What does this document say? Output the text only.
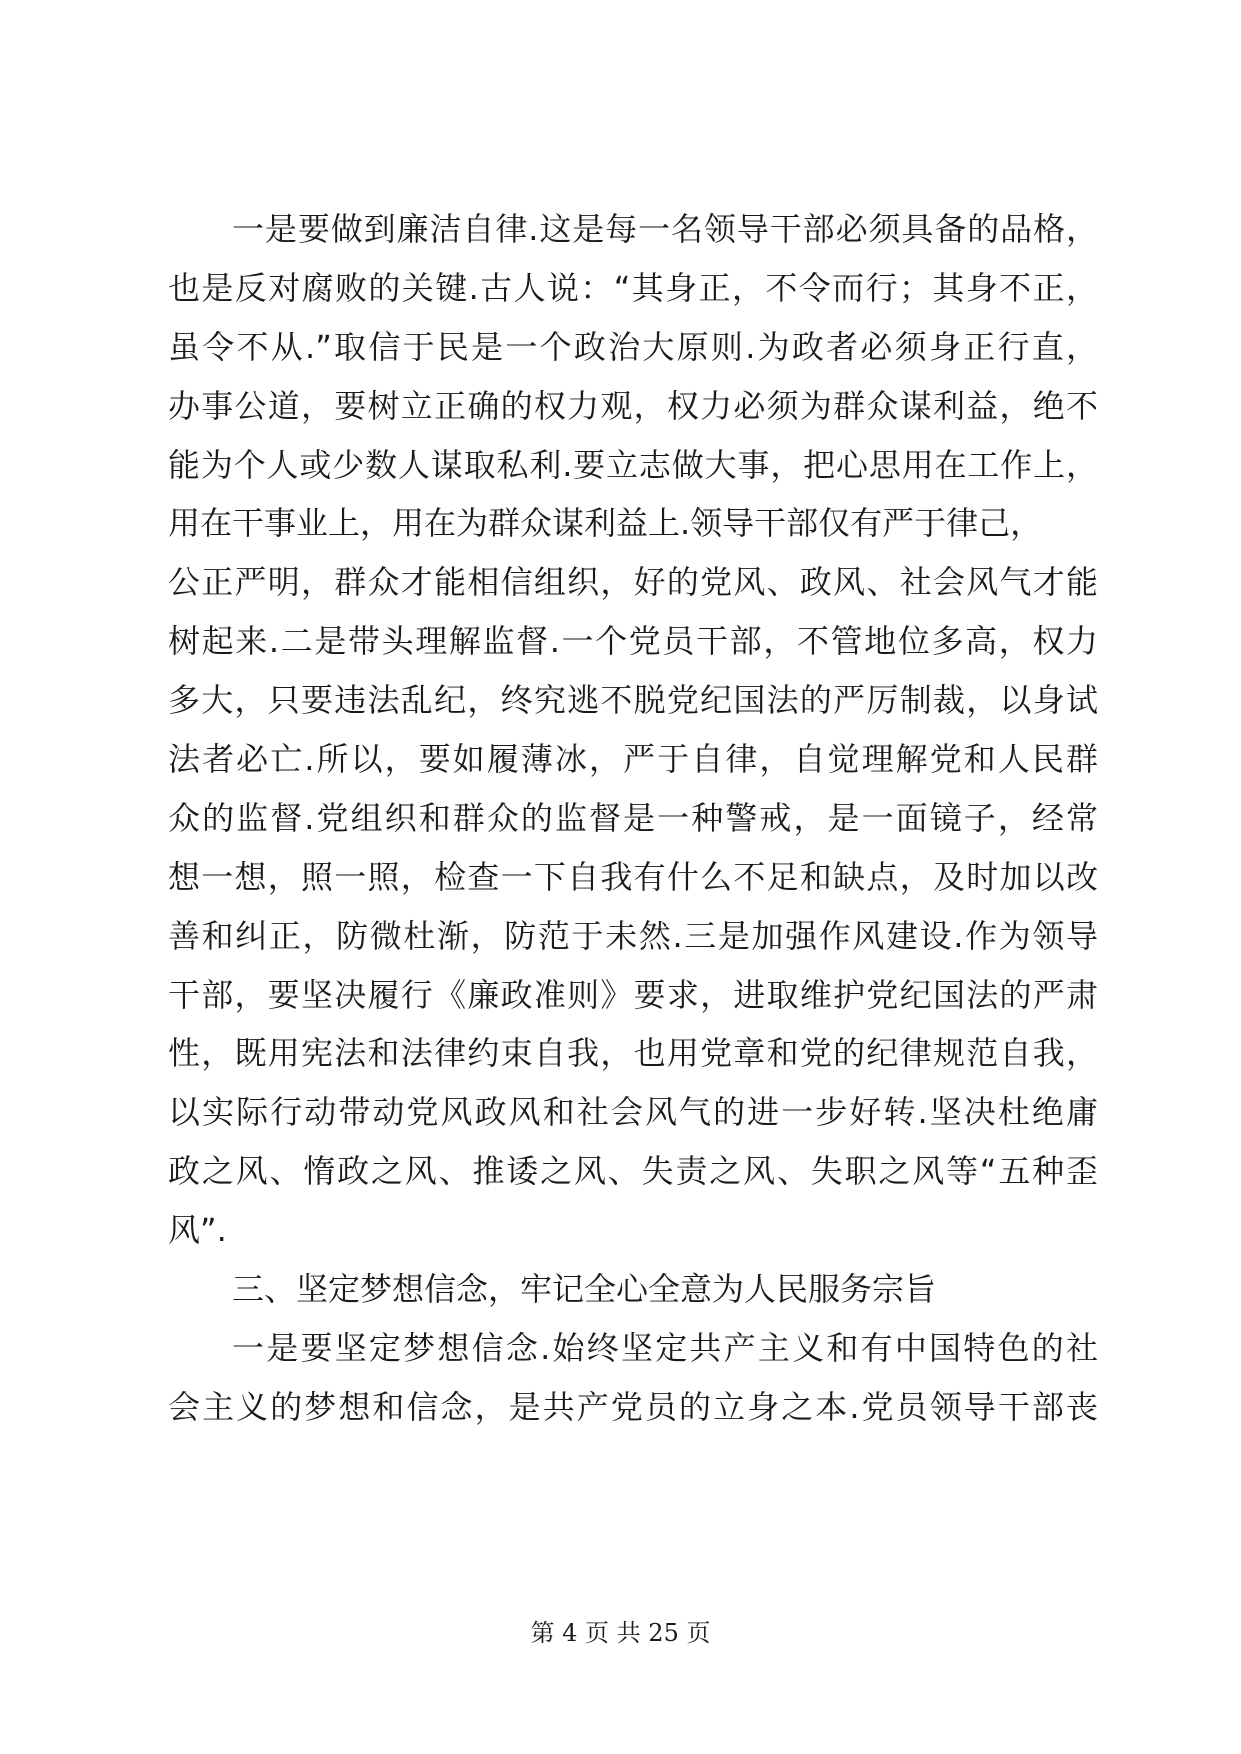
一是要做到廉洁自律.这是每一名领导干部必须具备的品格，
也是反对腐败的关键.古人说：“其身正，不令而行；其身不正，
虽令不从.”取信于民是一个政治大原则.为政者必须身正行直，
办事公道，要树立正确的权力观，权力必须为群众谋利益，绝不
能为个人或少数人谋取私利.要立志做大事，把心思用在工作上，
用在干事业上，用在为群众谋利益上.领导干部仅有严于律己，
公正严明，群众才能相信组织，好的党风、政风、社会风气才能
树起来.二是带头理解监督.一个党员干部，不管地位多高，权力
多大，只要违法乱纪，终究逃不脱党纪国法的严厉制裁，以身试
法者必亡.所以，要如履薄冰，严于自律，自觉理解党和人民群
众的监督.党组织和群众的监督是一种警戒，是一面镜子，经常
想一想，照一照，检查一下自我有什么不足和缺点，及时加以改
善和纠正，防微杜渐，防范于未然.三是加强作风建设.作为领导
干部，要坚决履行《廉政准则》要求，进取维护党纪国法的严肃
性，既用宪法和法律约束自我，也用党章和党的纪律规范自我，
以实际行动带动党风政风和社会风气的进一步好转.坚决杜绝庸
政之风、惰政之风、推诿之风、失责之风、失职之风等“五种歪
风”.
三、坚定梦想信念，牢记全心全意为人民服务宗旨
一是要坚定梦想信念.始终坚定共产主义和有中国特色的社
会主义的梦想和信念，是共产党员的立身之本.党员领导干部丧
第 4 页 共 25 页
